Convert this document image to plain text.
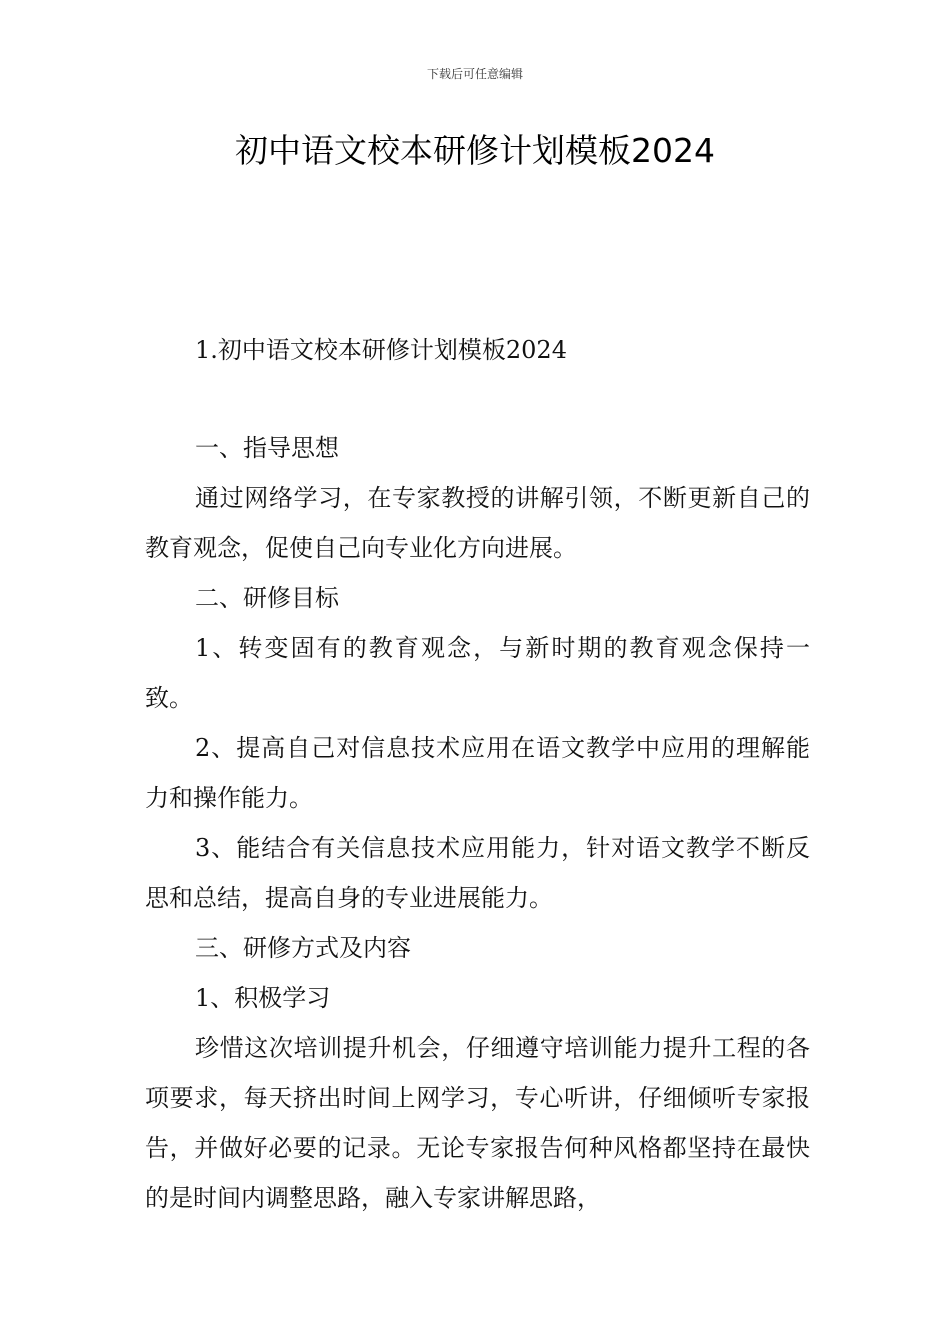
下载后可任意编辑
初中语文校本研修计划模板2024
1.初中语文校本研修计划模板2024

一、指导思想

通过网络学习，在专家教授的讲解引领，不断更新自己的教育观念，促使自己向专业化方向进展。

二、研修目标

1、转变固有的教育观念，与新时期的教育观念保持一致。

2、提高自己对信息技术应用在语文教学中应用的理解能力和操作能力。

3、能结合有关信息技术应用能力，针对语文教学不断反思和总结，提高自身的专业进展能力。

三、研修方式及内容

1、积极学习

珍惜这次培训提升机会，仔细遵守培训能力提升工程的各项要求，每天挤出时间上网学习，专心听讲，仔细倾听专家报告，并做好必要的记录。无论专家报告何种风格都坚持在最快的是时间内调整思路，融入专家讲解思路，
